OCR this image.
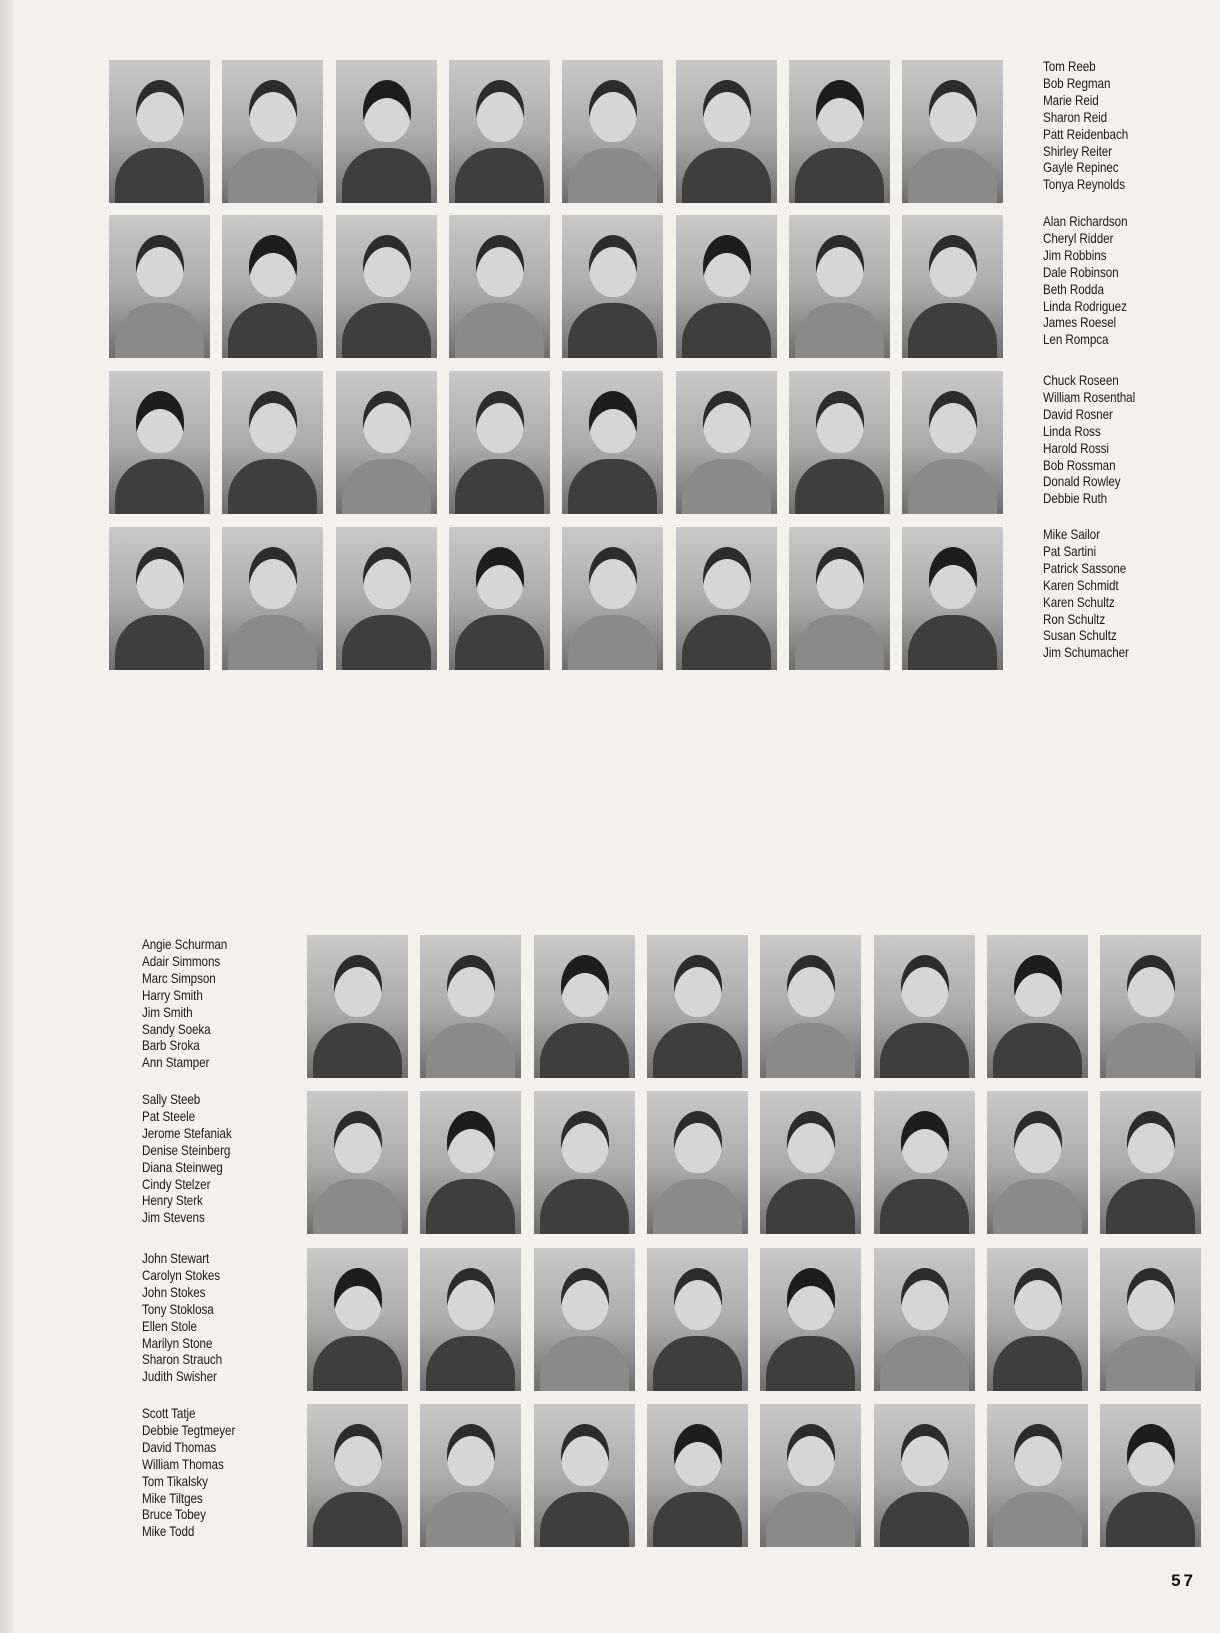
Tom Reeb
Bob Regman
Marie Reid
Sharon Reid
Patt Reidenbach
Shirley Reiter
Gayle Repinec
Tonya Reynolds
Alan Richardson
Cheryl Ridder
Jim Robbins
Dale Robinson
Beth Rodda
Linda Rodriguez
James Roesel
Len Rompca
Chuck Roseen
William Rosenthal
David Rosner
Linda Ross
Harold Rossi
Bob Rossman
Donald Rowley
Debbie Ruth
Mike Sailor
Pat Sartini
Patrick Sassone
Karen Schmidt
Karen Schultz
Ron Schultz
Susan Schultz
Jim Schumacher
Angie Schurman
Adair Simmons
Marc Simpson
Harry Smith
Jim Smith
Sandy Soeka
Barb Sroka
Ann Stamper
Sally Steeb
Pat Steele
Jerome Stefaniak
Denise Steinberg
Diana Steinweg
Cindy Stelzer
Henry Sterk
Jim Stevens
John Stewart
Carolyn Stokes
John Stokes
Tony Stoklosa
Ellen Stole
Marilyn Stone
Sharon Strauch
Judith Swisher
Scott Tatje
Debbie Tegtmeyer
David Thomas
William Thomas
Tom Tikalsky
Mike Tiltges
Bruce Tobey
Mike Todd
57
